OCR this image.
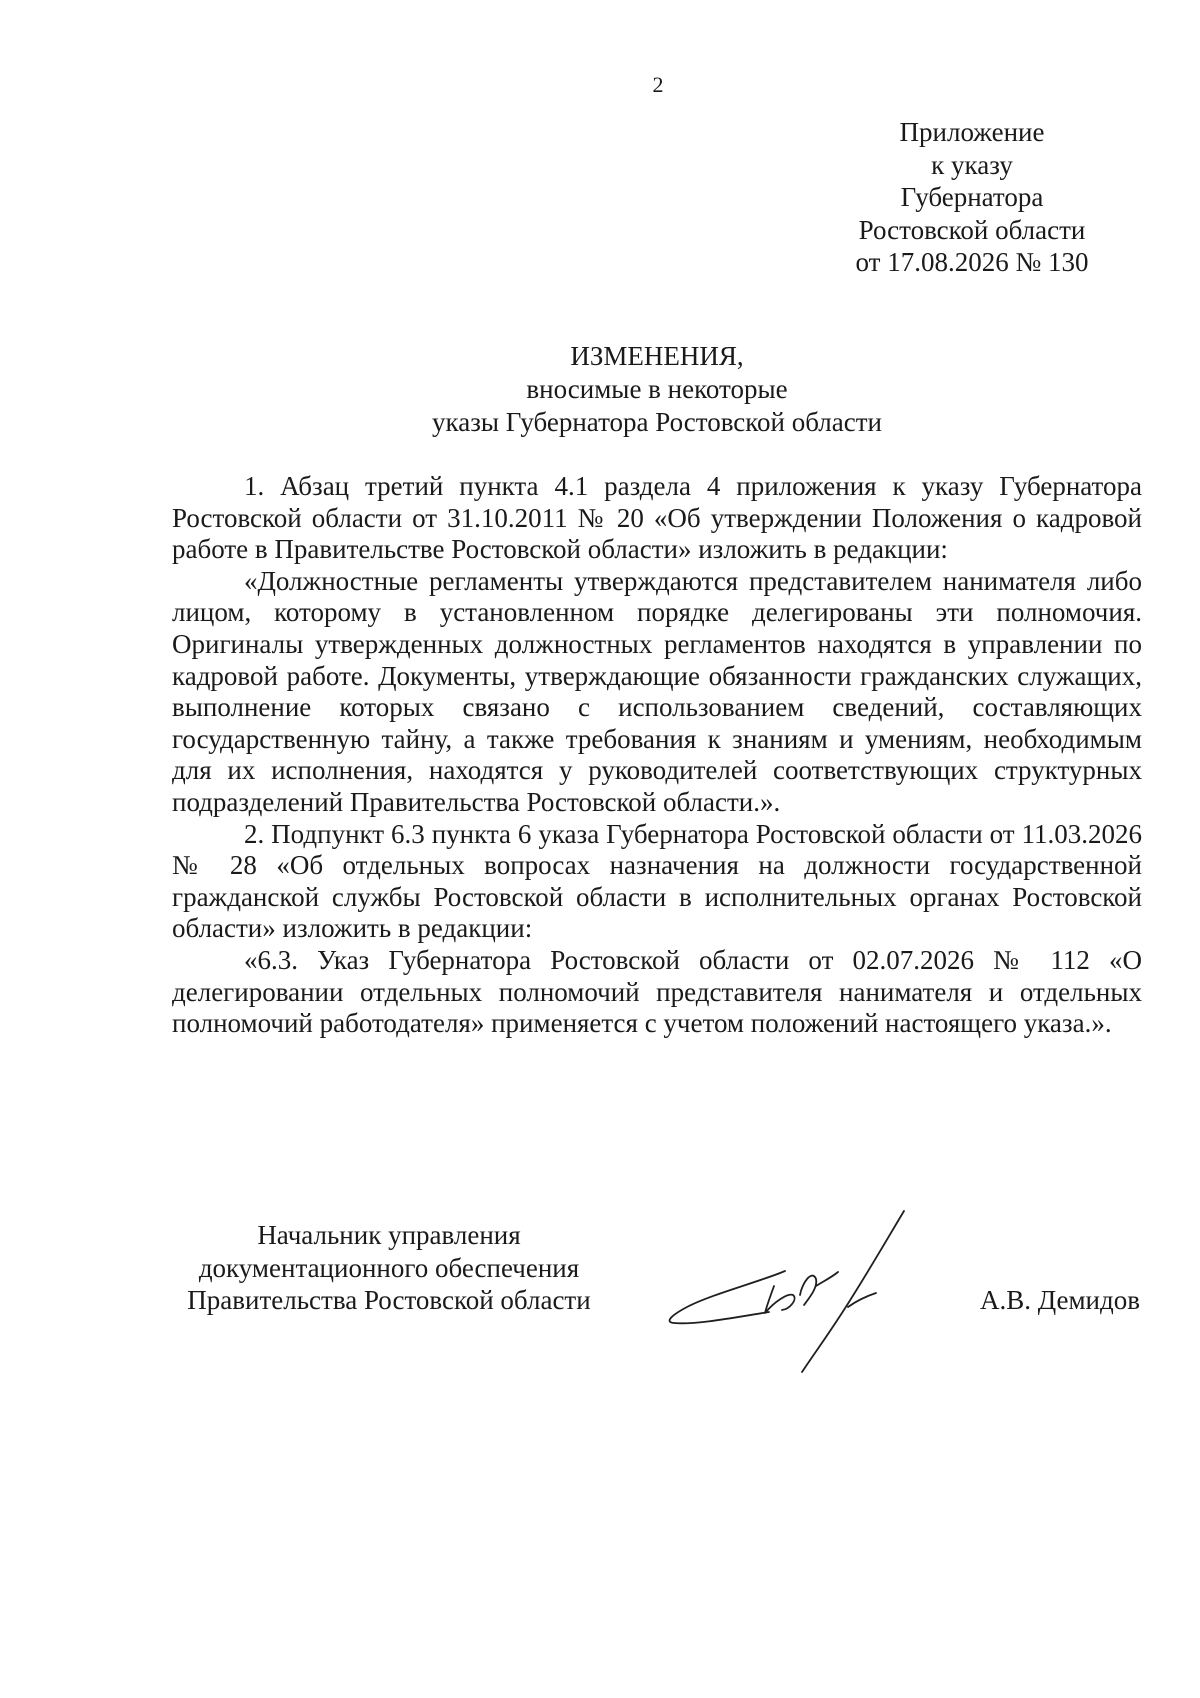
2
Приложение
к указу
Губернатора
Ростовской области
от 17.08.2026 № 130
ИЗМЕНЕНИЯ,
вносимые в некоторые
указы Губернатора Ростовской области

1. Абзац третий пункта 4.1 раздела 4 приложения к указу Губернатора Ростовской области от 31.10.2011 № 20 «Об утверждении Положения о кадровой работе в Правительстве Ростовской области» изложить в редакции:

«Должностные регламенты утверждаются представителем нанимателя либо лицом, которому в установленном порядке делегированы эти полномочия. Оригиналы утвержденных должностных регламентов находятся в управлении по кадровой работе. Документы, утверждающие обязанности гражданских служащих, выполнение которых связано с использованием сведений, составляющих государственную тайну, а также требования к знаниям и умениям, необходимым для их исполнения, находятся у руководителей соответствующих структурных подразделений Правительства Ростовской области.».

2. Подпункт 6.3 пункта 6 указа Губернатора Ростовской области от 11.03.2026 № 28 «Об отдельных вопросах назначения на должности государственной гражданской службы Ростовской области в исполнительных органах Ростовской области» изложить в редакции:

«6.3. Указ Губернатора Ростовской области от 02.07.2026 № 112 «О делегировании отдельных полномочий представителя нанимателя и отдельных полномочий работодателя» применяется с учетом положений настоящего указа.».

Начальник управления
документационного обеспечения
Правительства Ростовской области	А.В. Демидов
